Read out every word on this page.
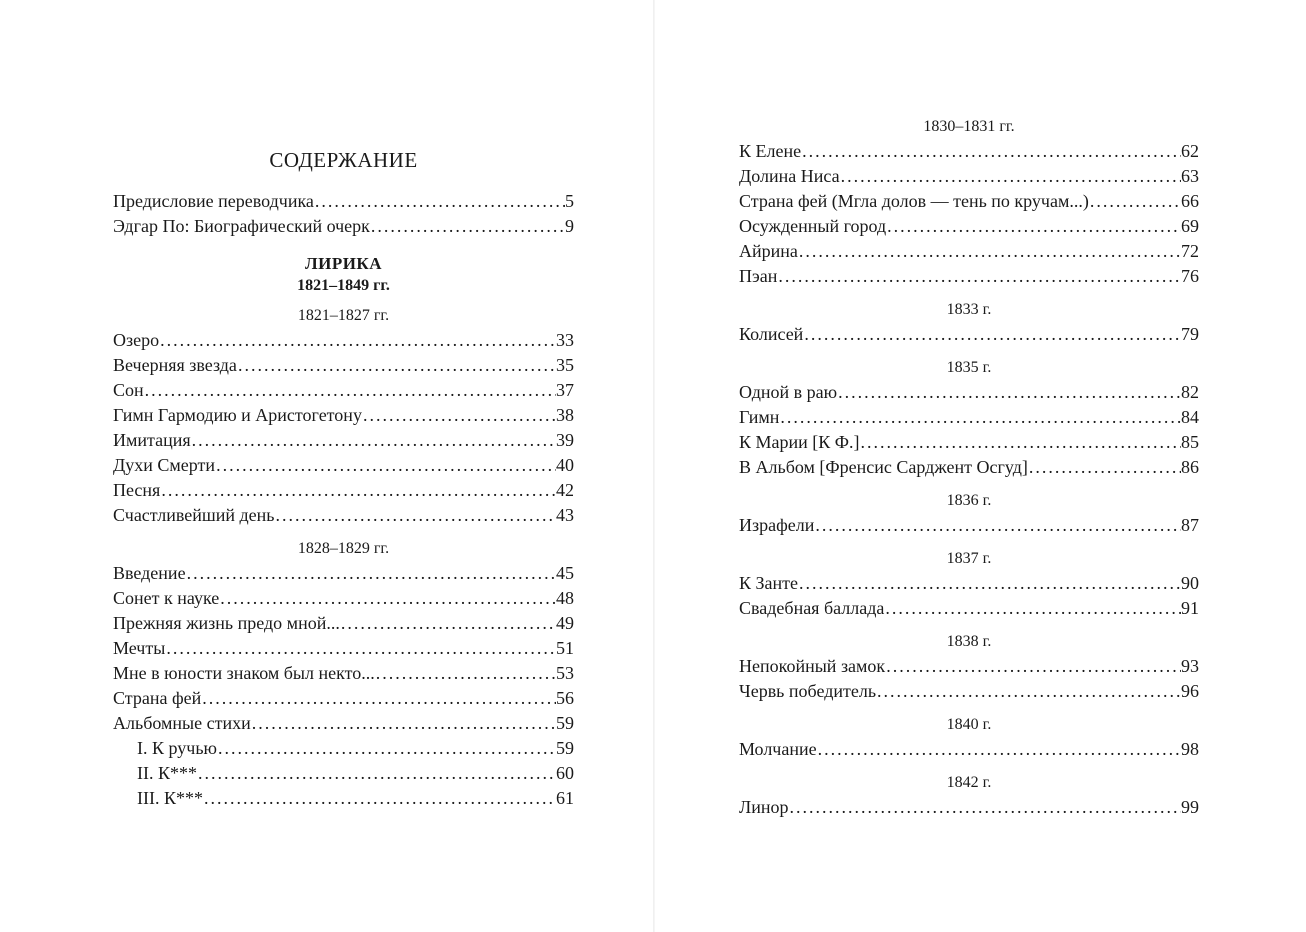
СОДЕРЖАНИЕ
Предисловие переводчика .....	5
Эдгар По: Биографический очерк .....	9
ЛИРИКА
1821–1849 гг.
1821–1827 гг.
Озеро .....	33
Вечерняя звезда .....	35
Сон .....	37
Гимн Гармодию и Аристогетону .....	38
Имитация .....	39
Духи Смерти .....	40
Песня .....	42
Счастливейший день .....	43
1828–1829 гг.
Введение .....	45
Сонет к науке .....	48
Прежняя жизнь предо мной... .....	49
Мечты .....	51
Мне в юности знаком был некто... .....	53
Страна фей .....	56
Альбомные стихи .....	59
I. К ручью .....	59
II. К*** .....	60
III. К*** .....	61
1830–1831 гг.
К Елене .....	62
Долина Ниса .....	63
Страна фей (Мгла долов — тень по кручам...) .....	66
Осужденный город .....	69
Айрина .....	72
Пэан .....	76
1833 г.
Колисей .....	79
1835 г.
Одной в раю .....	82
Гимн .....	84
К Марии [К Ф.] .....	85
В Альбом [Френсис Сарджент Осгуд] .....	86
1836 г.
Израфели .....	87
1837 г.
К Занте .....	90
Свадебная баллада .....	91
1838 г.
Непокойный замок .....	93
Червь победитель .....	96
1840 г.
Молчание .....	98
1842 г.
Линор .....	99
